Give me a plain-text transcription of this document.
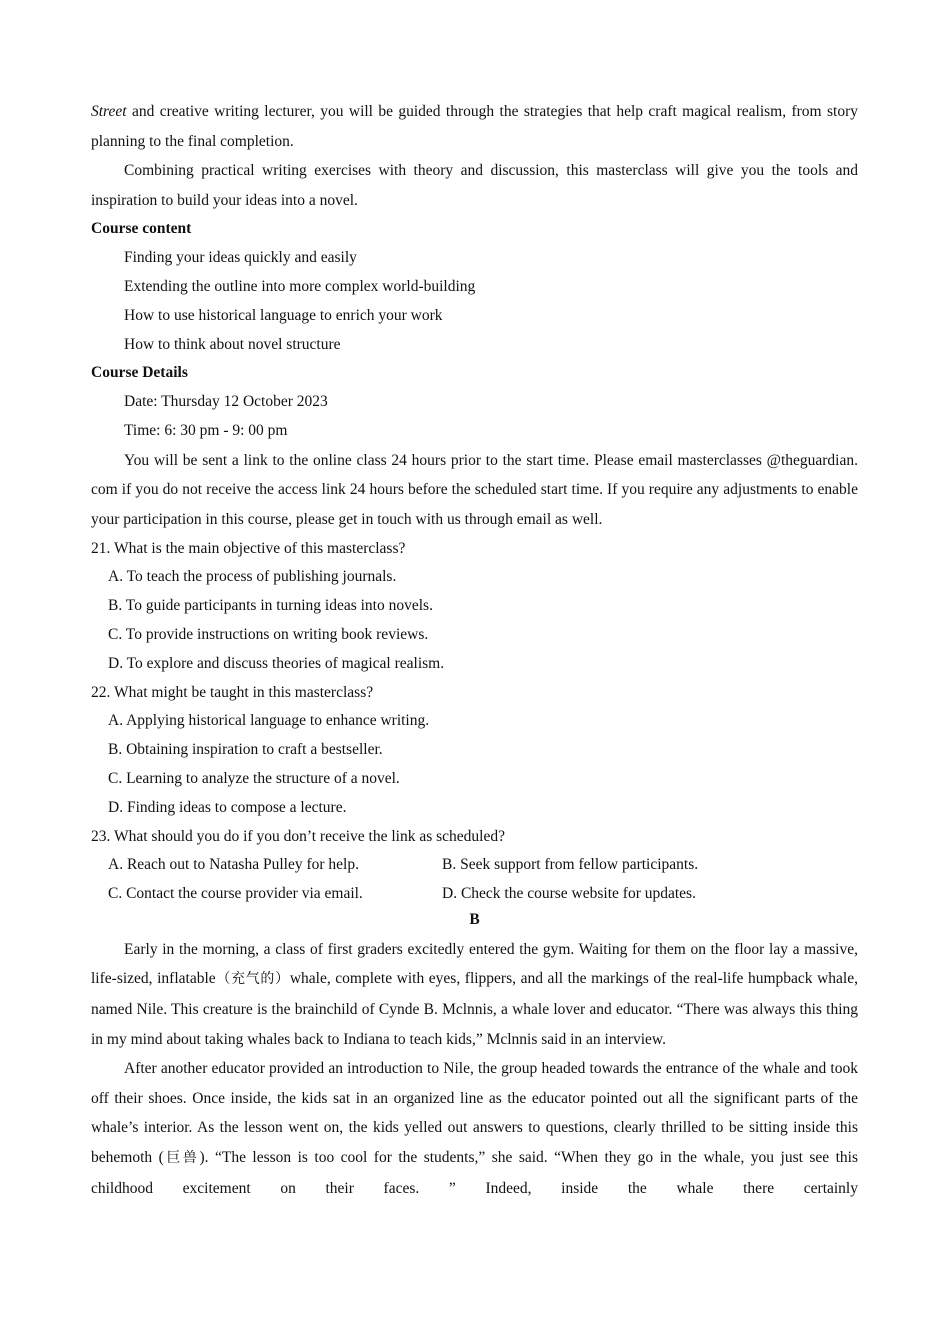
Street and creative writing lecturer, you will be guided through the strategies that help craft magical realism, from story planning to the final completion.

Combining practical writing exercises with theory and discussion, this masterclass will give you the tools and inspiration to build your ideas into a novel.

Course content

Finding your ideas quickly and easily

Extending the outline into more complex world-building

How to use historical language to enrich your work

How to think about novel structure

Course Details

Date: Thursday 12 October 2023

Time: 6: 30 pm - 9: 00 pm

You will be sent a link to the online class 24 hours prior to the start time. Please email masterclasses @theguardian. com if you do not receive the access link 24 hours before the scheduled start time. If you require any adjustments to enable your participation in this course, please get in touch with us through email as well.

21. What is the main objective of this masterclass?

A. To teach the process of publishing journals.

B. To guide participants in turning ideas into novels.

C. To provide instructions on writing book reviews.

D. To explore and discuss theories of magical realism.

22. What might be taught in this masterclass?

A. Applying historical language to enhance writing.

B. Obtaining inspiration to craft a bestseller.

C. Learning to analyze the structure of a novel.

D. Finding ideas to compose a lecture.

23. What should you do if you don’t receive the link as scheduled?

A. Reach out to Natasha Pulley for help.	B. Seek support from fellow participants.
C. Contact the course provider via email.	D. Check the course website for updates.

B

Early in the morning, a class of first graders excitedly entered the gym. Waiting for them on the floor lay a massive, life-sized, inflatable（充气的）whale, complete with eyes, flippers, and all the markings of the real-life humpback whale, named Nile. This creature is the brainchild of Cynde B. Mclnnis, a whale lover and educator. “There was always this thing in my mind about taking whales back to Indiana to teach kids,” Mclnnis said in an interview.

After another educator provided an introduction to Nile, the group headed towards the entrance of the whale and took off their shoes. Once inside, the kids sat in an organized line as the educator pointed out all the significant parts of the whale’s interior. As the lesson went on, the kids yelled out answers to questions, clearly thrilled to be sitting inside this behemoth (巨兽). “The lesson is too cool for the students,” she said. “When they go in the whale, you just see this childhood excitement on their faces. ” Indeed, inside the whale there certainly
